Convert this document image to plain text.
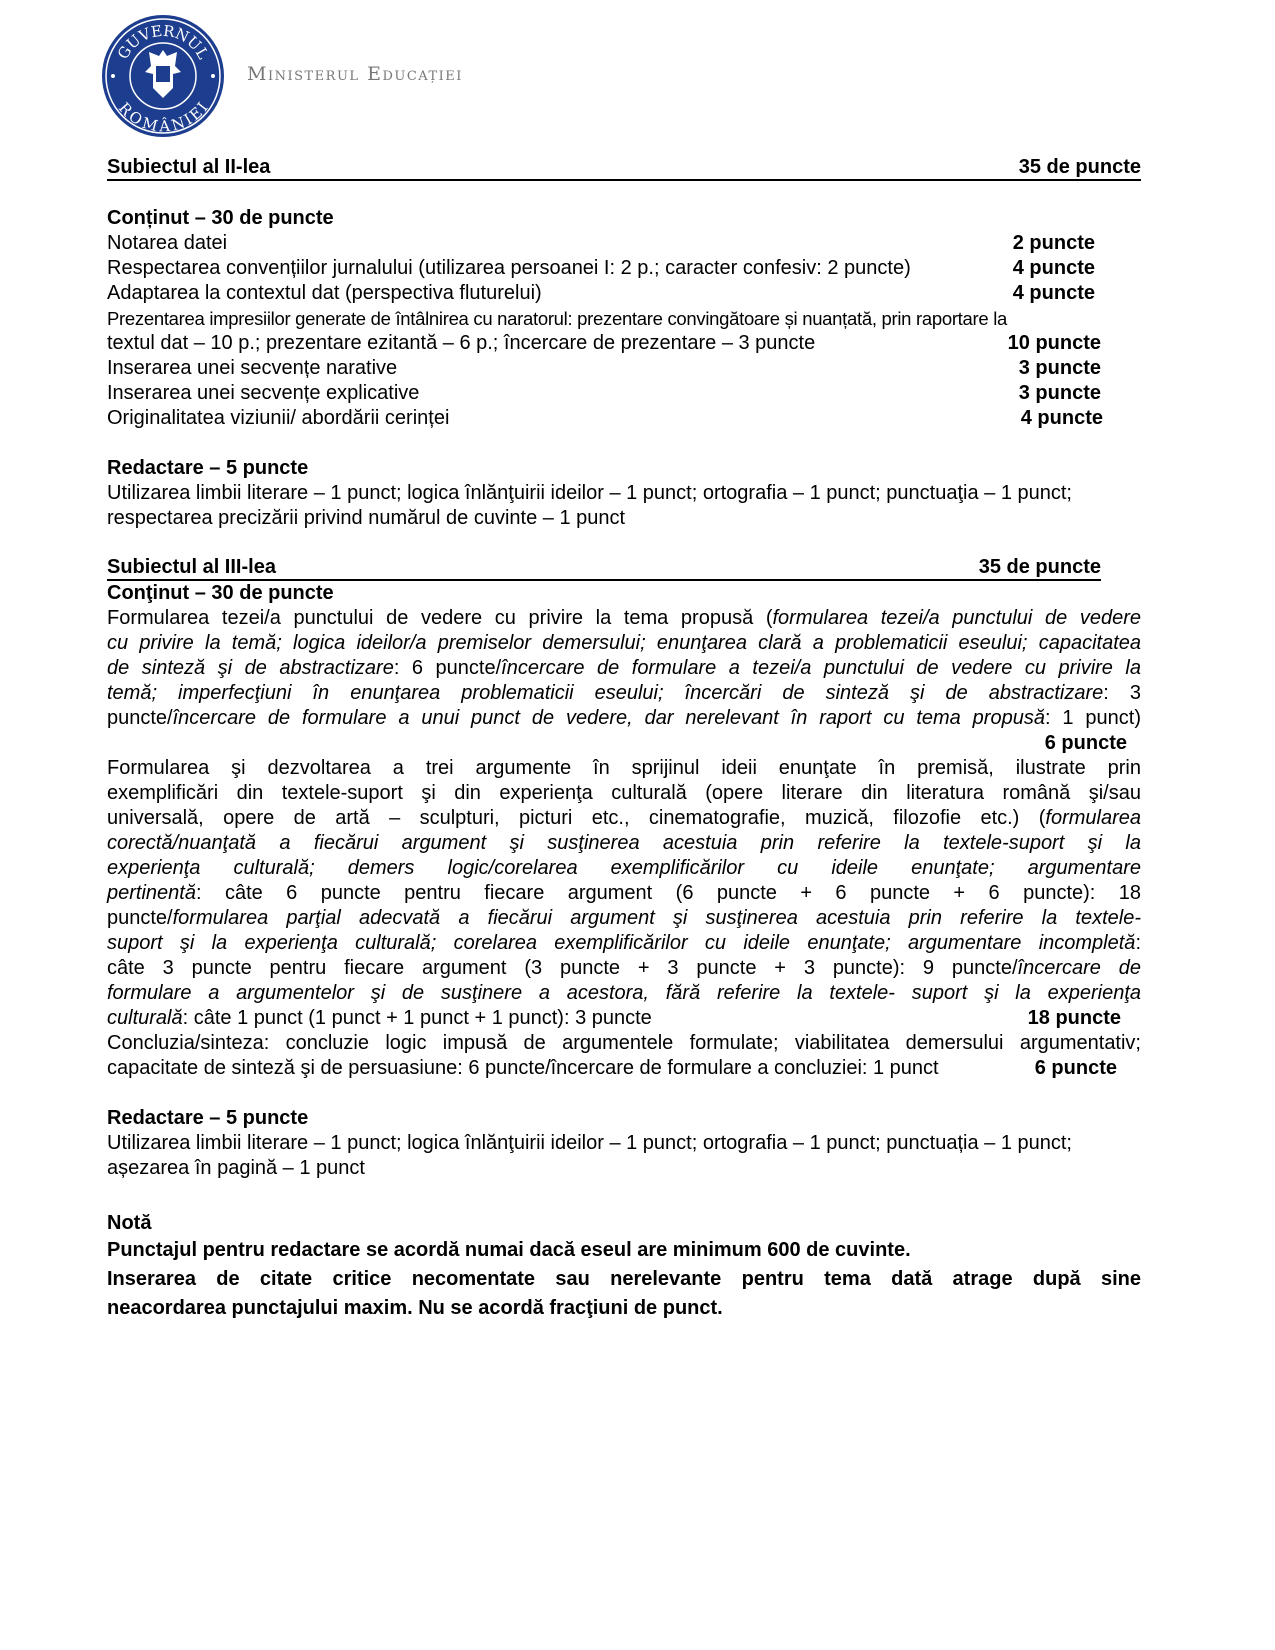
GUVERNUL
ROMÂNIEI
Ministerul Educației
Subiectul al II-lea	35 de puncte
Conținut – 30 de puncte
Notarea datei	2 puncte
Respectarea convențiilor jurnalului (utilizarea persoanei I: 2 p.; caracter confesiv: 2 puncte)	4 puncte
Adaptarea la contextul dat (perspectiva fluturelui)	4 puncte
Prezentarea impresiilor generate de întâlnirea cu naratorul: prezentare convingătoare și nuanțată, prin raportare la
textul dat – 10 p.; prezentare ezitantă – 6 p.; încercare de prezentare – 3 puncte	10 puncte
Inserarea unei secvențe narative	3 puncte
Inserarea unei secvențe explicative	3 puncte
Originalitatea viziunii/ abordării cerinței	4 puncte
Redactare – 5 puncte
Utilizarea limbii literare – 1 punct; logica înlănţuirii ideilor – 1 punct; ortografia – 1 punct; punctuaţia – 1 punct;
respectarea precizării privind numărul de cuvinte – 1 punct
Subiectul al III-lea	35 de puncte
Conţinut – 30 de puncte
Formularea tezei/a punctului de vedere cu privire la tema propusă (formularea tezei/a punctului de vedere
cu privire la temă; logica ideilor/a premiselor demersului; enunţarea clară a problematicii eseului; capacitatea
de sinteză şi de abstractizare: 6 puncte/încercare de formulare a tezei/a punctului de vedere cu privire la
temă; imperfecţiuni în enunţarea problematicii eseului; încercări de sinteză şi de abstractizare: 3
puncte/încercare de formulare a unui punct de vedere, dar nerelevant în raport cu tema propusă: 1 punct)
6 puncte
Formularea şi dezvoltarea a trei argumente în sprijinul ideii enunţate în premisă, ilustrate prin
exemplificări din textele-suport şi din experienţa culturală (opere literare din literatura română şi/sau
universală, opere de artă – sculpturi, picturi etc., cinematografie, muzică, filozofie etc.) (formularea
corectă/nuanţată a fiecărui argument şi susţinerea acestuia prin referire la textele-suport şi la
experienţa culturală; demers logic/corelarea exemplificărilor cu ideile enunţate; argumentare
pertinentă: câte 6 puncte pentru fiecare argument (6 puncte + 6 puncte + 6 puncte): 18
puncte/formularea parţial adecvată a fiecărui argument şi susţinerea acestuia prin referire la textele-
suport şi la experienţa culturală; corelarea exemplificărilor cu ideile enunţate; argumentare incompletă:
câte 3 puncte pentru fiecare argument (3 puncte + 3 puncte + 3 puncte): 9 puncte/încercare de
formulare a argumentelor şi de susţinere a acestora, fără referire la textele- suport şi la experienţa
culturală: câte 1 punct (1 punct + 1 punct + 1 punct): 3 puncte	18 puncte
Concluzia/sinteza: concluzie logic impusă de argumentele formulate; viabilitatea demersului argumentativ;
capacitate de sinteză şi de persuasiune: 6 puncte/încercare de formulare a concluziei: 1 punct	6 puncte
Redactare – 5 puncte
Utilizarea limbii literare – 1 punct; logica înlănţuirii ideilor – 1 punct; ortografia – 1 punct; punctuația – 1 punct;
așezarea în pagină – 1 punct
Notă
Punctajul pentru redactare se acordă numai dacă eseul are minimum 600 de cuvinte.
Inserarea de citate critice necomentate sau nerelevante pentru tema dată atrage după sine
neacordarea punctajului maxim. Nu se acordă fracţiuni de punct.
